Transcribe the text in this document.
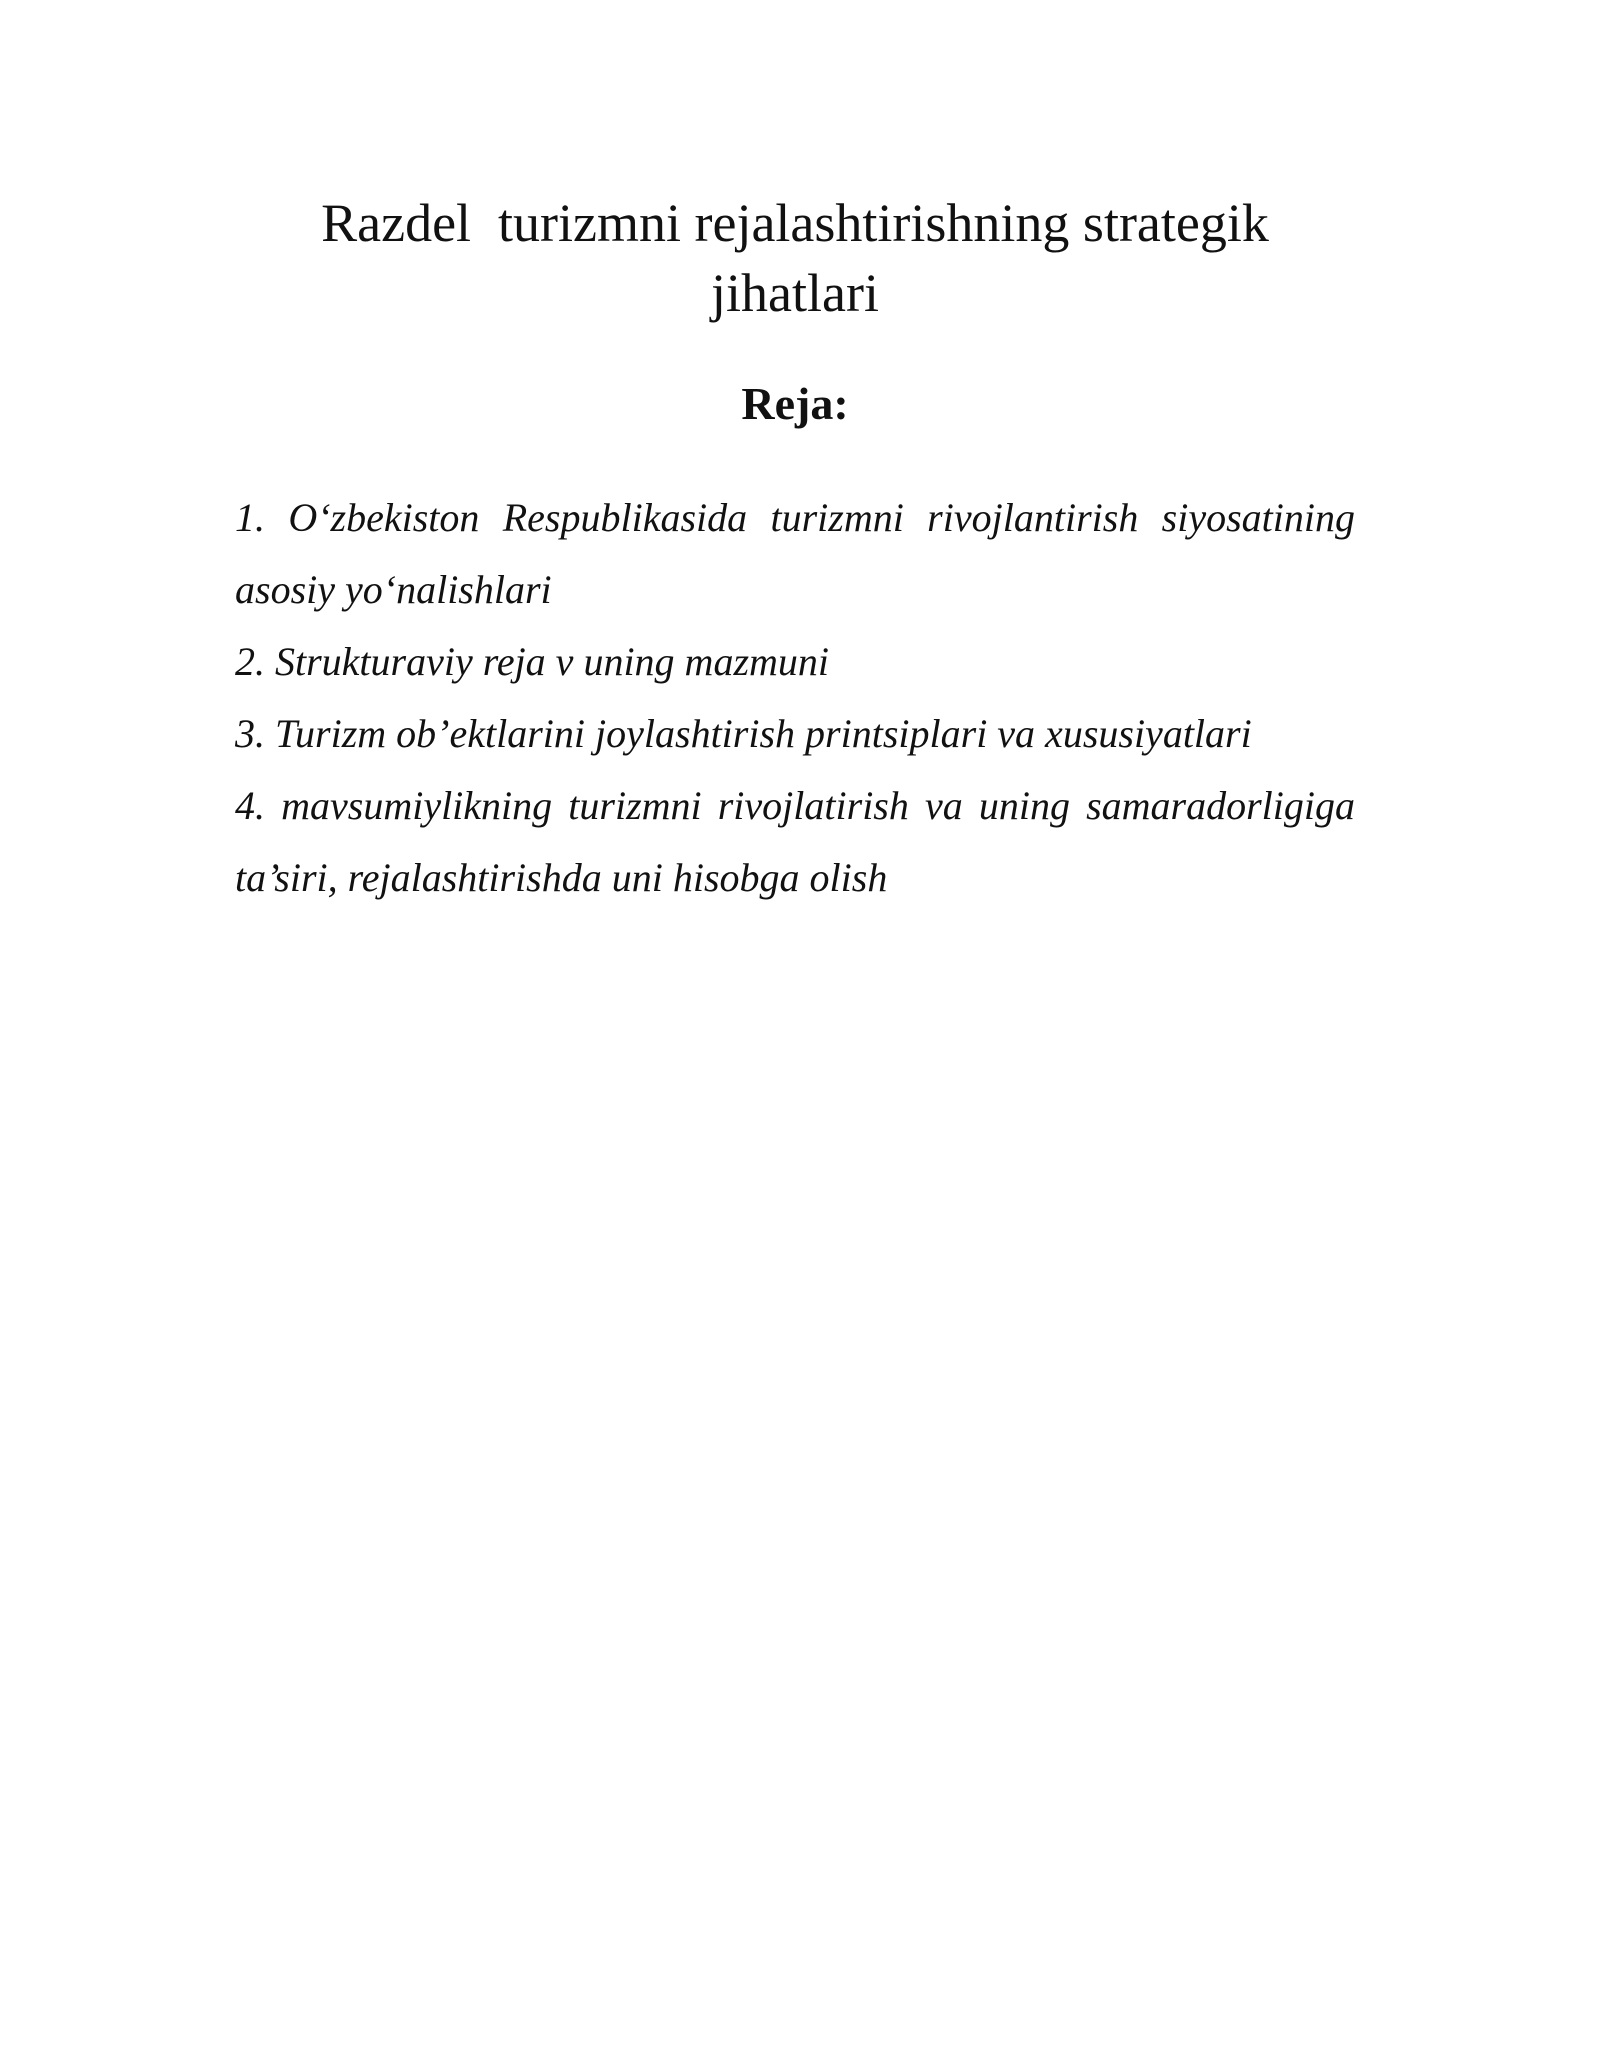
Razdel  turizmni rejalashtirishning strategik jihatlari
Reja:
1. O‘zbekiston Respublikasida turizmni rivojlantirish siyosatining asosiy yo‘nalishlari
2. Strukturaviy reja v uning mazmuni
3. Turizm ob’ektlarini joylashtirish printsiplari va xususiyatlari
4. mavsumiylikning turizmni rivojlatirish va uning samaradorligiga ta’siri, rejalashtirishda uni hisobga olish
